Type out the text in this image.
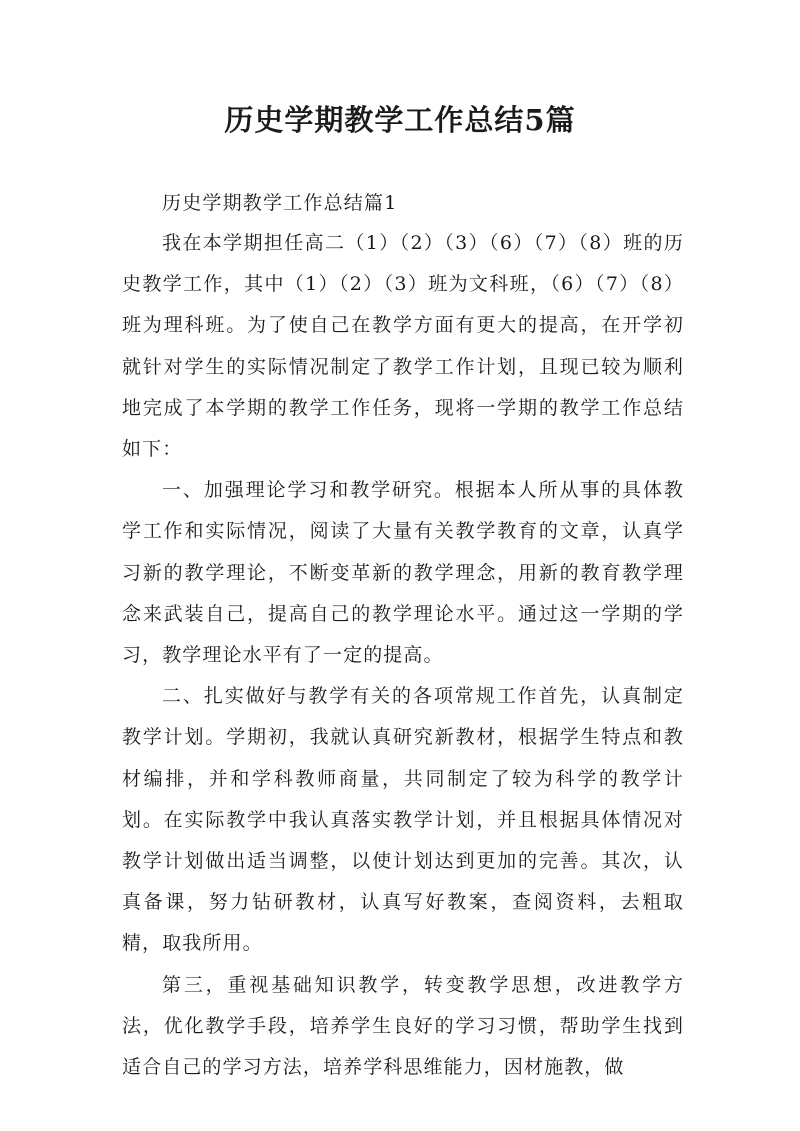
历史学期教学工作总结5篇

历史学期教学工作总结篇1

我在本学期担任高二（1）（2）（3）（6）（7）（8）班的历史教学工作，其中（1）（2）（3）班为文科班，（6）（7）（8）班为理科班。为了使自己在教学方面有更大的提高，在开学初就针对学生的实际情况制定了教学工作计划，且现已较为顺利地完成了本学期的教学工作任务，现将一学期的教学工作总结如下：

一、加强理论学习和教学研究。根据本人所从事的具体教学工作和实际情况，阅读了大量有关教学教育的文章，认真学习新的教学理论，不断变革新的教学理念，用新的教育教学理念来武装自己，提高自己的教学理论水平。通过这一学期的学习，教学理论水平有了一定的提高。

二、扎实做好与教学有关的各项常规工作首先，认真制定教学计划。学期初，我就认真研究新教材，根据学生特点和教材编排，并和学科教师商量，共同制定了较为科学的教学计划。在实际教学中我认真落实教学计划，并且根据具体情况对教学计划做出适当调整，以使计划达到更加的完善。其次，认真备课，努力钻研教材，认真写好教案，查阅资料，去粗取精，取我所用。

第三，重视基础知识教学，转变教学思想，改进教学方法，优化教学手段，培养学生良好的学习习惯，帮助学生找到适合自己的学习方法，培养学科思维能力，因材施教，做
